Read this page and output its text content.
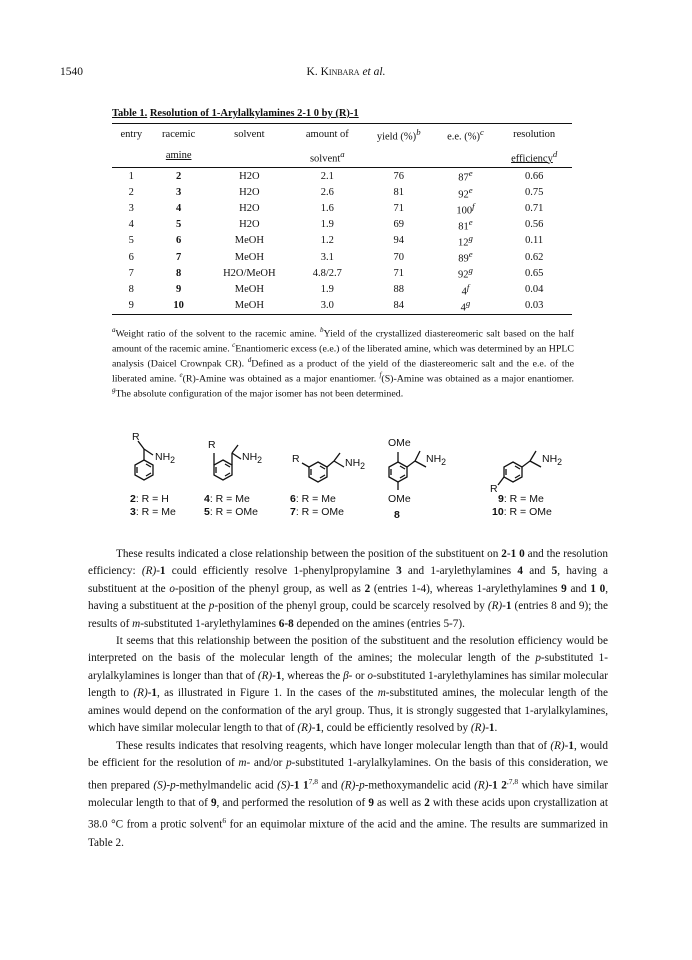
1540	K. Kinbara et al.
Table 1. Resolution of 1-Arylalkylamines 2-1 0 by (R)-1
entry	racemic	solvent	amount of	yield (%)$^b$	e.e. (%)$^c$	resolution
	amine		solvent$^a$			efficiency$^d$
1	2	H2O	2.1	76	87e	0.66
2	3	H2O	2.6	81	92e	0.75
3	4	H2O	1.6	71	100$^f$	0.71
4	5	H2O	1.9	69	81e	0.56
5	6	MeOH	1.2	94	12$^g$	0.11
6	7	MeOH	3.1	70	89e	0.62
7	8	H2O/MeOH	4.8/2.7	71	92$^g$	0.65
8	9	MeOH	1.9	88	4$^f$	0.04
9	10	MeOH	3.0	84	4$^g$	0.03
$^a$Weight ratio of the solvent to the racemic amine. $^b$Yield of the crystallized diastereomeric salt based on the half amount of the racemic amine. $^c$Enantiomeric excess (e.e.) of the liberated amine, which was determined by an HPLC analysis (Daicel Crownpak CR). $^d$Defined as a product of the yield of the diastereomeric salt and the e.e. of the liberated amine. $^e$(R)-Amine was obtained as a major enantiomer. $^f$(S)-Amine was obtained as a major enantiomer. $^g$The absolute configuration of the major isomer has not been determined.
R
$NH_2$
R
$NH_2$	R	$NH_2$
OMe
OMe
$NH_2$
R
$NH_2$
2: R = H
3: R = Me
4: R = Me
5: R = OMe
6: R = Me
7: R = OMe	8
9: R = Me
10: R = OMe

These results indicated a close relationship between the position of the substituent on 2-1 0 and the resolution efficiency: (R)-1 could efficiently resolve 1-phenylpropylamine 3 and 1-arylethylamines 4 and 5, having a substituent at the o-position of the phenyl group, as well as 2 (entries 1-4), whereas 1-arylethylamines 9 and 1 0, having a substituent at the p-position of the phenyl group, could be scarcely resolved by (R)-1 (entries 8 and 9); the results of m-substituted 1-arylethylamines 6-8 depended on the amines (entries 5-7).

It seems that this relationship between the position of the substituent and the resolution efficiency would be interpreted on the basis of the molecular length of the amines; the molecular length of the p-substituted 1-arylalkylamines is longer than that of (R)-1, whereas the β- or o-substituted 1-arylethylamines has similar molecular length to (R)-1, as illustrated in Figure 1. In the cases of the m-substituted amines, the molecular length of the amines would depend on the conformation of the aryl group. Thus, it is strongly suggested that 1-arylalkylamines, which have similar molecular length to that of (R)-1, could be efficiently resolved by (R)-1.

These results indicates that resolving reagents, which have longer molecular length than that of (R)-1, would be efficient for the resolution of m- and/or p-substituted 1-arylalkylamines. On the basis of this consideration, we then prepared (S)-p-methylmandelic acid (S)-1 1$^{7,8}$ and (R)-p-methoxymandelic acid (R)-1 $2^{,7,8}$ which have similar molecular length to that of 9, and performed the resolution of 9 as well as 2 with these acids upon crystallization at 38.0 °C from a protic solvent$^6$ for an equimolar mixture of the acid and the amine. The results are summarized in Table 2.
